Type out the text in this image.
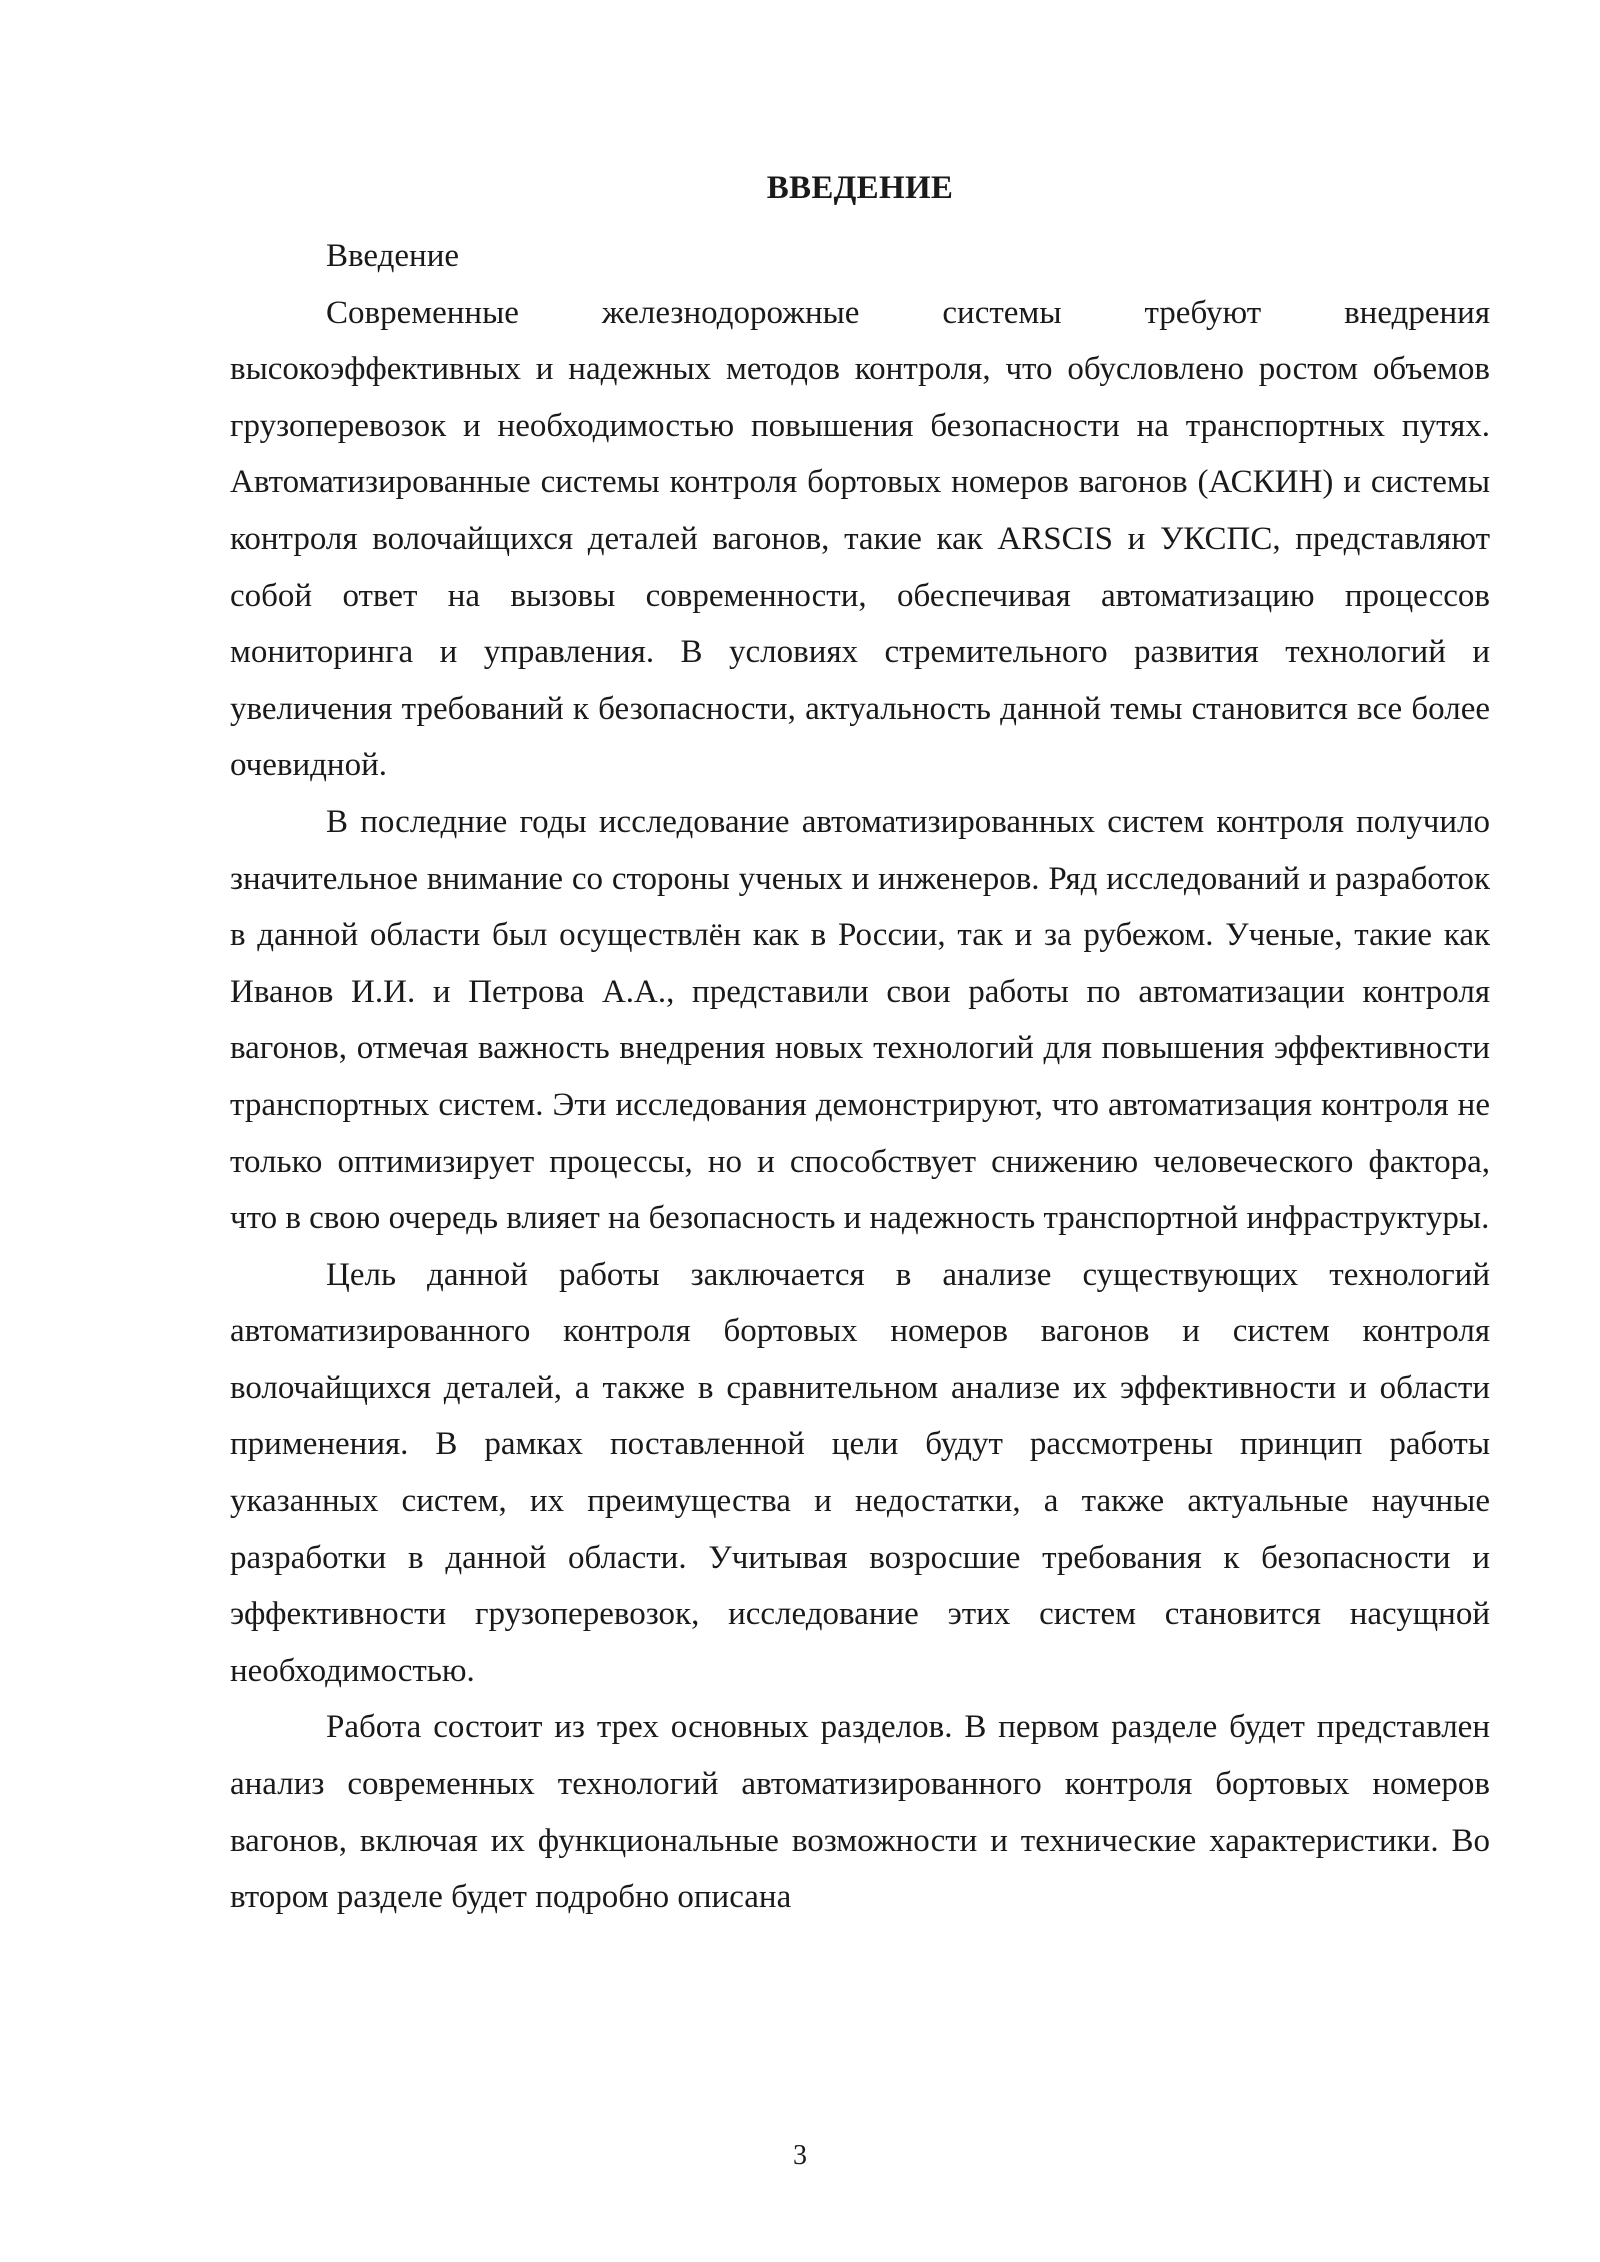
ВВЕДЕНИЕ

Введение

Современные железнодорожные системы требуют внедрения высокоэффективных и надежных методов контроля, что обусловлено ростом объемов грузоперевозок и необходимостью повышения безопасности на транспортных путях. Автоматизированные системы контроля бортовых номеров вагонов (АСКИН) и системы контроля волочайщихся деталей вагонов, такие как ARSCIS и УКСПС, представляют собой ответ на вызовы современности, обеспечивая автоматизацию процессов мониторинга и управления. В условиях стремительного развития технологий и увеличения требований к безопасности, актуальность данной темы становится все более очевидной.

В последние годы исследование автоматизированных систем контроля получило значительное внимание со стороны ученых и инженеров. Ряд исследований и разработок в данной области был осуществлён как в России, так и за рубежом. Ученые, такие как Иванов И.И. и Петрова А.А., представили свои работы по автоматизации контроля вагонов, отмечая важность внедрения новых технологий для повышения эффективности транспортных систем. Эти исследования демонстрируют, что автоматизация контроля не только оптимизирует процессы, но и способствует снижению человеческого фактора, что в свою очередь влияет на безопасность и надежность транспортной инфраструктуры.

Цель данной работы заключается в анализе существующих технологий автоматизированного контроля бортовых номеров вагонов и систем контроля волочайщихся деталей, а также в сравнительном анализе их эффективности и области применения. В рамках поставленной цели будут рассмотрены принцип работы указанных систем, их преимущества и недостатки, а также актуальные научные разработки в данной области. Учитывая возросшие требования к безопасности и эффективности грузоперевозок, исследование этих систем становится насущной необходимостью.

Работа состоит из трех основных разделов. В первом разделе будет представлен анализ современных технологий автоматизированного контроля бортовых номеров вагонов, включая их функциональные возможности и технические характеристики. Во втором разделе будет подробно описана

3
